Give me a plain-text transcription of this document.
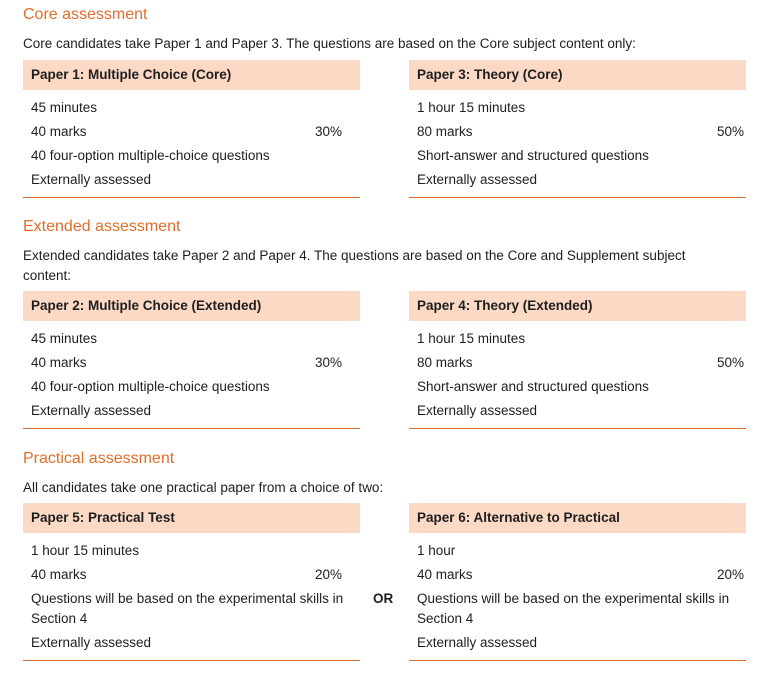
Core assessment
Core candidates take Paper 1 and Paper 3. The questions are based on the Core subject content only:
Paper 1: Multiple Choice (Core)
45 minutes
40 marks	30%
40 four-option multiple-choice questions
Externally assessed
Paper 3: Theory (Core)
1 hour 15 minutes
80 marks	50%
Short-answer and structured questions
Externally assessed
Extended assessment
Extended candidates take Paper 2 and Paper 4. The questions are based on the Core and Supplement subject content:
Paper 2: Multiple Choice (Extended)
45 minutes
40 marks	30%
40 four-option multiple-choice questions
Externally assessed
Paper 4: Theory (Extended)
1 hour 15 minutes
80 marks	50%
Short-answer and structured questions
Externally assessed
Practical assessment
All candidates take one practical paper from a choice of two:
Paper 5: Practical Test
1 hour 15 minutes
40 marks	20%
Questions will be based on the experimental skills in Section 4
Externally assessed
OR
Paper 6: Alternative to Practical
1 hour
40 marks	20%
Questions will be based on the experimental skills in Section 4
Externally assessed
